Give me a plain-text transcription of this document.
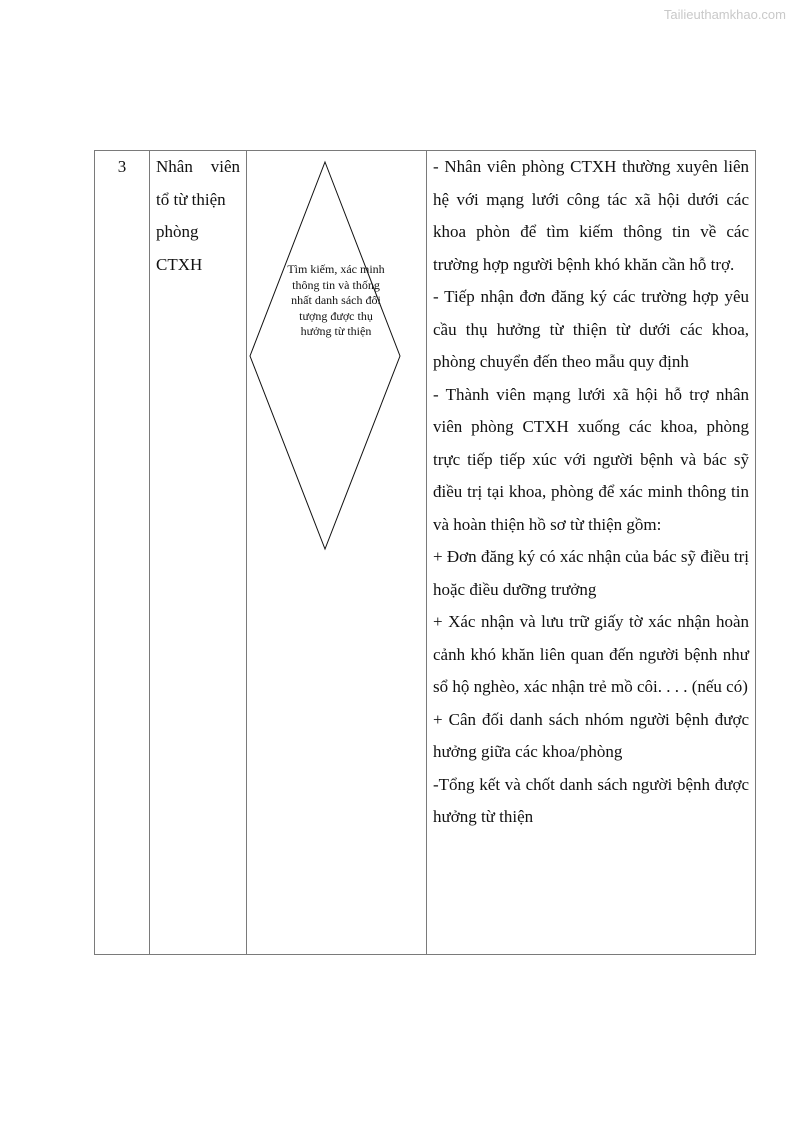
Tailieuthamkhao.com
3	Nhân viên
tổ từ thiện
phòng
CTXH	Tìm kiếm, xác minh thông tin và thống nhất danh sách đối tượng được thụ hưởng từ thiện

- Nhân viên phòng CTXH thường xuyên liên hệ với mạng lưới công tác xã hội dưới các khoa phòn để tìm kiếm thông tin về các trường hợp người bệnh khó khăn cần hỗ trợ.

- Tiếp nhận đơn đăng ký các trường hợp yêu cầu thụ hưởng từ thiện từ dưới các khoa, phòng chuyển đến theo mẫu quy định

- Thành viên mạng lưới xã hội hỗ trợ nhân viên phòng CTXH xuống các khoa, phòng trực tiếp tiếp xúc với người bệnh và bác sỹ điều trị tại khoa, phòng để xác minh thông tin và hoàn thiện hồ sơ từ thiện gồm:

+ Đơn đăng ký có xác nhận của bác sỹ điều trị hoặc điều dưỡng trưởng

+ Xác nhận và lưu trữ giấy tờ xác nhận hoàn cảnh khó khăn liên quan đến người bệnh như sổ hộ nghèo, xác nhận trẻ mồ côi. . . . (nếu có)

+ Cân đối danh sách nhóm người bệnh được hưởng giữa các khoa/phòng

-Tổng kết và chốt danh sách người bệnh được hưởng từ thiện
